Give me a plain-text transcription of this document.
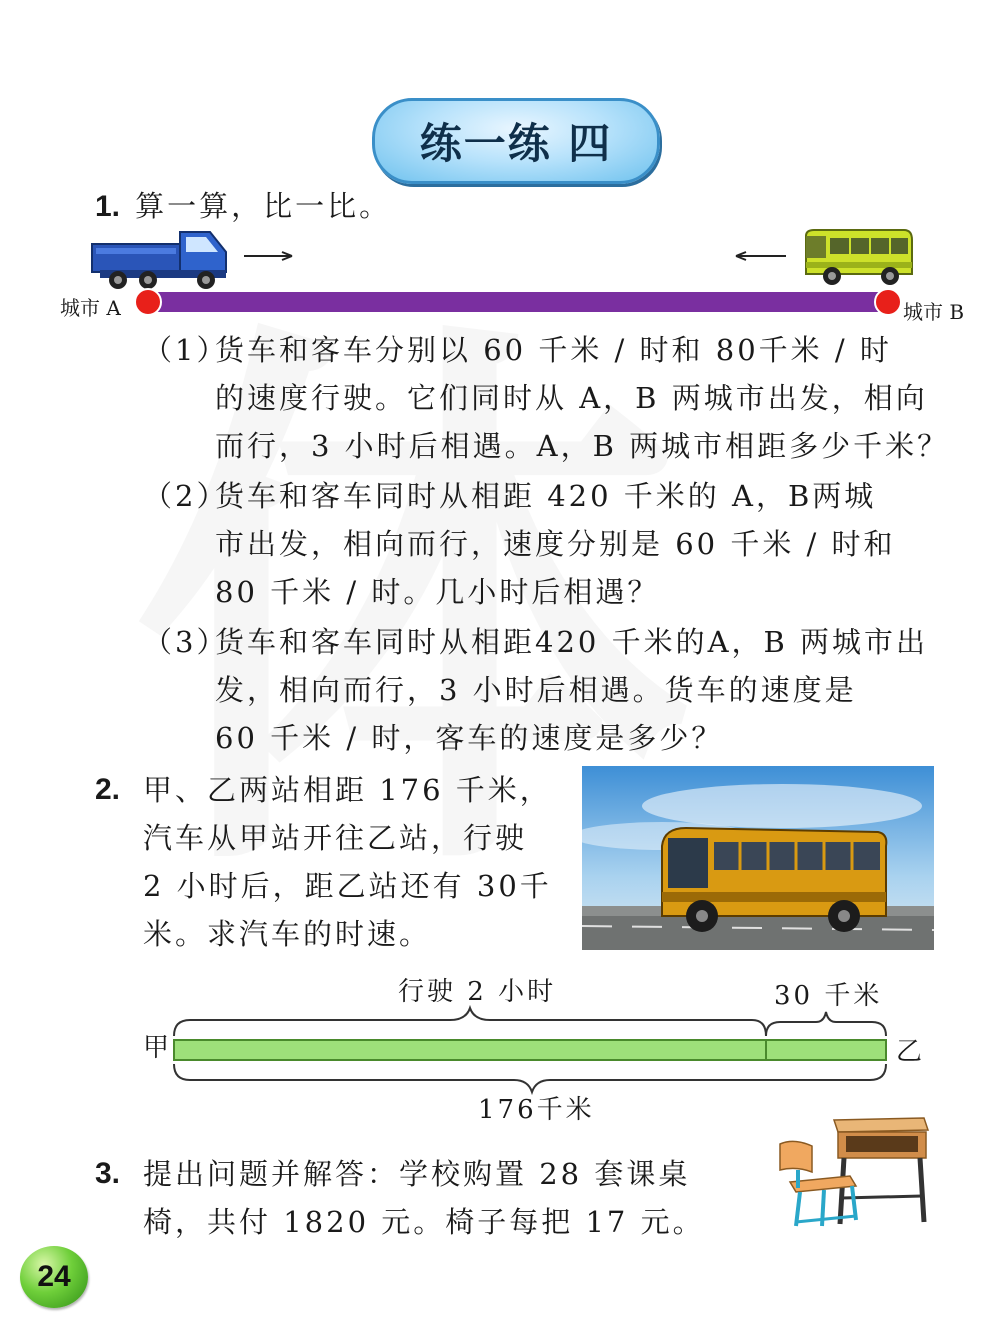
练一练 四
1. 算一算，比一比。
城市 A	城市 B
（1）

货车和客车分别以 60 千米 / 时和 80千米 / 时

的速度行驶。它们同时从 A，B 两城市出发，相向

而行，3 小时后相遇。A，B 两城市相距多少千米？

（2）

货车和客车同时从相距 420 千米的 A，B两城

市出发，相向而行，速度分别是 60 千米 / 时和

80 千米 / 时。几小时后相遇？

（3）

货车和客车同时从相距420 千米的A，B 两城市出

发，相向而行，3 小时后相遇。货车的速度是

60 千米 / 时，客车的速度是多少？

2. 甲、乙两站相距 176 千米，

汽车从甲站开往乙站，行驶

2 小时后，距乙站还有 30千

米。求汽车的时速。

行驶 2 小时	30 千米
甲	乙
176千米
3. 提出问题并解答：学校购置 28 套课桌

椅，共付 1820 元。椅子每把 17 元。

24
